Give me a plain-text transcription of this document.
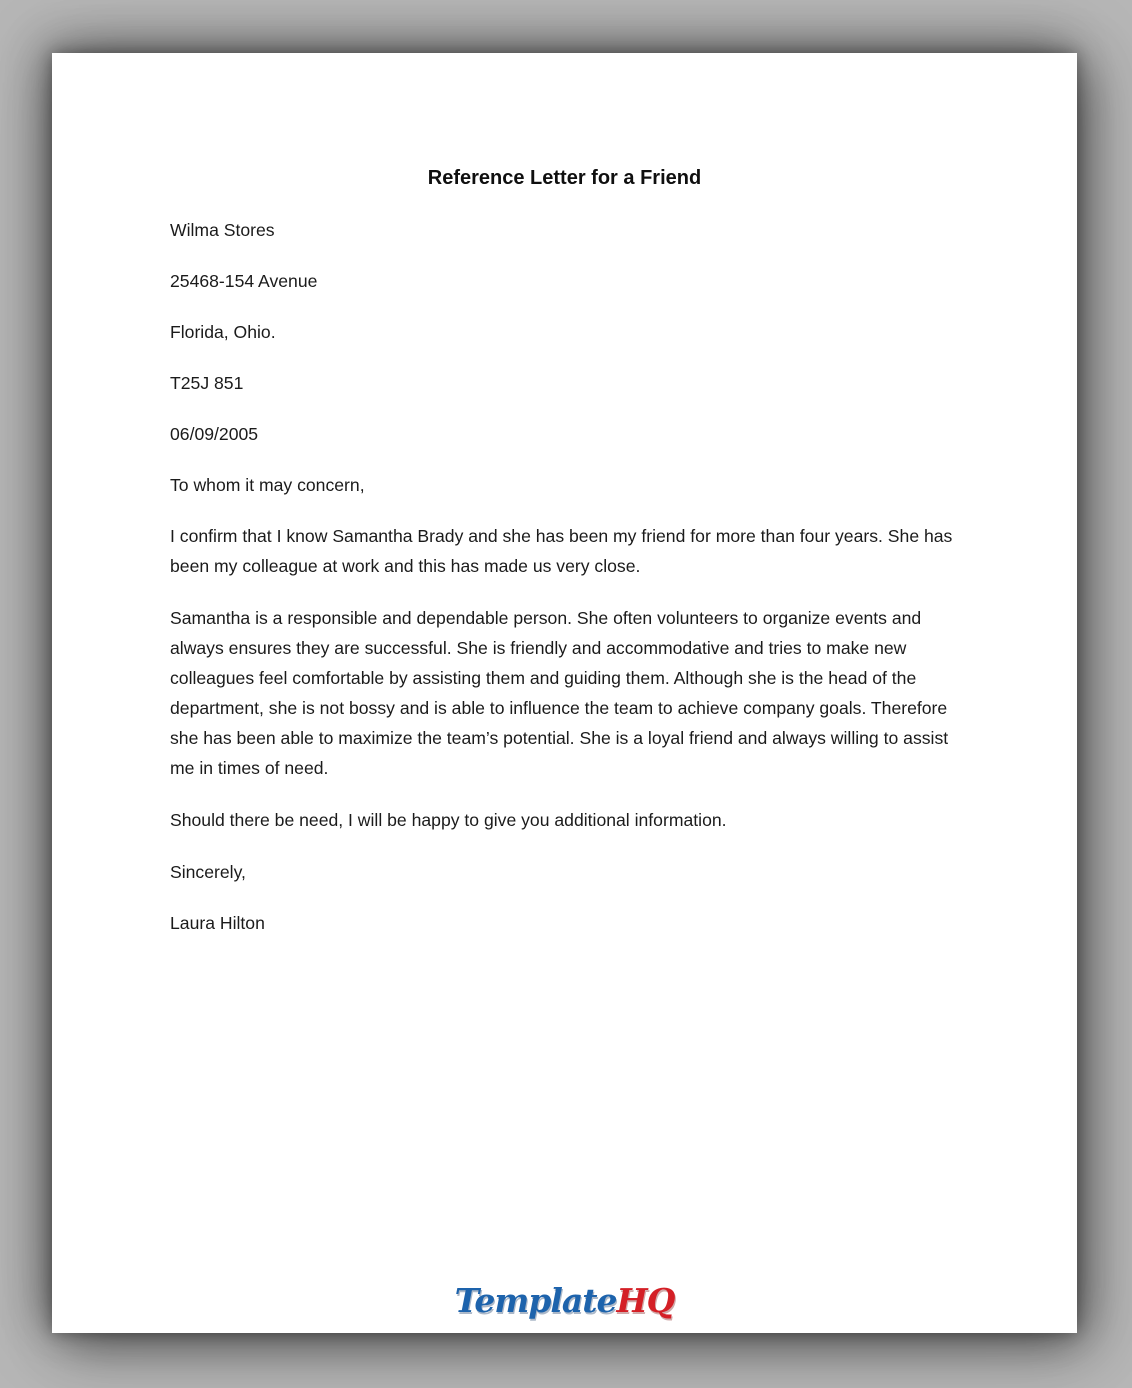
Reference Letter for a Friend
Wilma Stores
25468-154 Avenue
Florida, Ohio.
T25J 851
06/09/2005
To whom it may concern,
I confirm that I know Samantha Brady and she has been my friend for more than four years. She has been my colleague at work and this has made us very close.
Samantha is a responsible and dependable person. She often volunteers to organize events and always ensures they are successful. She is friendly and accommodative and tries to make new colleagues feel comfortable by assisting them and guiding them. Although she is the head of the department, she is not bossy and is able to influence the team to achieve company goals. Therefore she has been able to maximize the team’s potential. She is a loyal friend and always willing to assist me in times of need.
Should there be need, I will be happy to give you additional information.
Sincerely,
Laura Hilton
TemplateHQ
